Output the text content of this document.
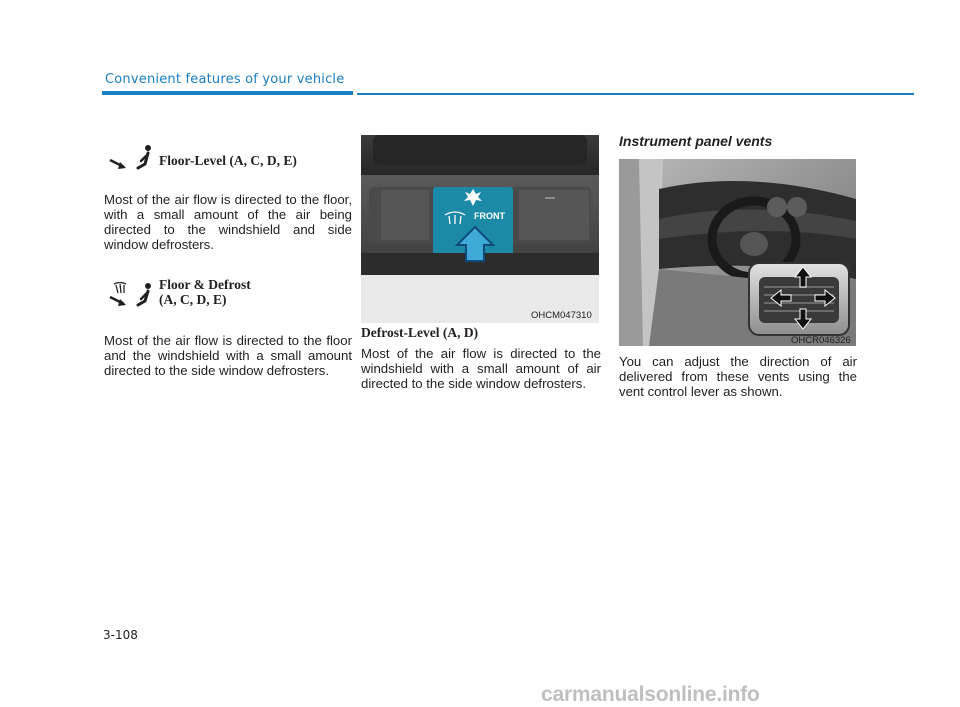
Convenient features of your vehicle
Floor-Level (A, C, D, E)
Most of the air flow is directed to the floor, with a small amount of the air being directed to the windshield and side window defrosters.
Floor & Defrost
(A, C, D, E)
Most of the air flow is directed to the floor and the windshield with a small amount directed to the side window defrosters.
FRONT
OHCM047310
Defrost-Level (A, D)
Most of the air flow is directed to the windshield with a small amount of air directed to the side window defrosters.
Instrument panel vents
OHCR046326
You can adjust the direction of air delivered from these vents using the vent control lever as shown.
3-108
carmanualsonline.info
